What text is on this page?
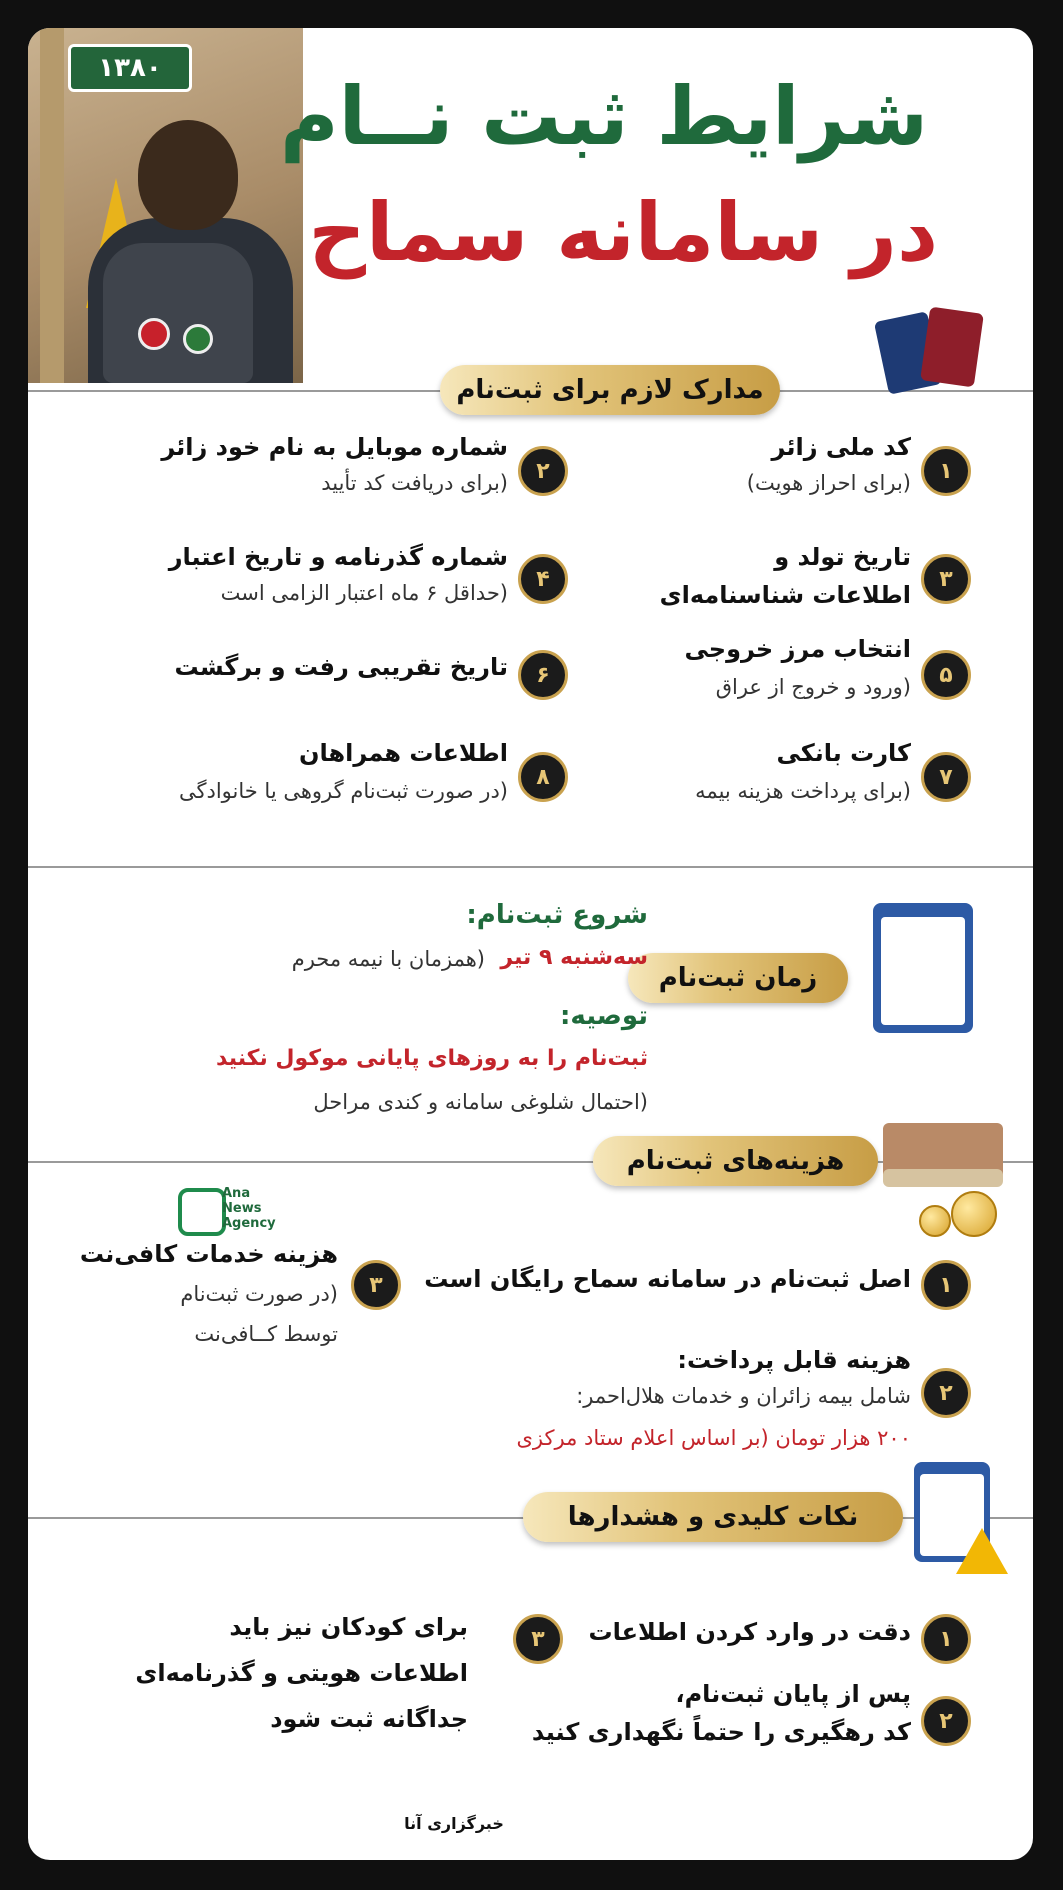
۱۳۸۰
شرایط ثبت نــام
در سامانه سماح
مدارک لازم برای ثبت‌نام
۱
کد ملی زائر
(برای احراز هویت)
۳
تاریخ تولد و
اطلاعات شناسنامه‌ای
۵
انتخاب مرز خروجی
(ورود و خروج از عراق
۷
کارت بانکی
(برای پرداخت هزینه بیمه
۲
شماره موبایل به نام خود زائر
(برای دریافت کد تأیید
۴
شماره گذرنامه و تاریخ اعتبار
(حداقل ۶ ماه اعتبار الزامی است
۶
تاریخ تقریبی رفت و برگشت
۸
اطلاعات همراهان
(در صورت ثبت‌نام گروهی یا خانوادگی
زمان ثبت‌نام
شروع ثبت‌نام:
سه‌شنبه ۹ تیر
(همزمان با نیمه محرم
توصیه:
ثبت‌نام را به روزهای پایانی موکول نکنید
(احتمال شلوغی سامانه و کندی مراحل
هزینه‌های ثبت‌نام
۱
اصل ثبت‌نام در سامانه سماح رایگان است
۲
هزینه قابل پرداخت:
شامل بیمه زائران و خدمات هلال‌احمر:
۲۰۰ هزار تومان (بر اساس اعلام ستاد مرکزی
۳
هزینه خدمات کافی‌نت
(در صورت ثبت‌نام
توسط کــافی‌نت
Ana
News
Agency
نکات کلیدی و هشدارها
۱
دقت در وارد کردن اطلاعات
۲
پس از پایان ثبت‌نام،
کد رهگیری را حتماً نگهداری کنید
۳
برای کودکان نیز باید
اطلاعات هویتی و گذرنامه‌ای
جداگانه ثبت شود
خبرگزاری آنا
